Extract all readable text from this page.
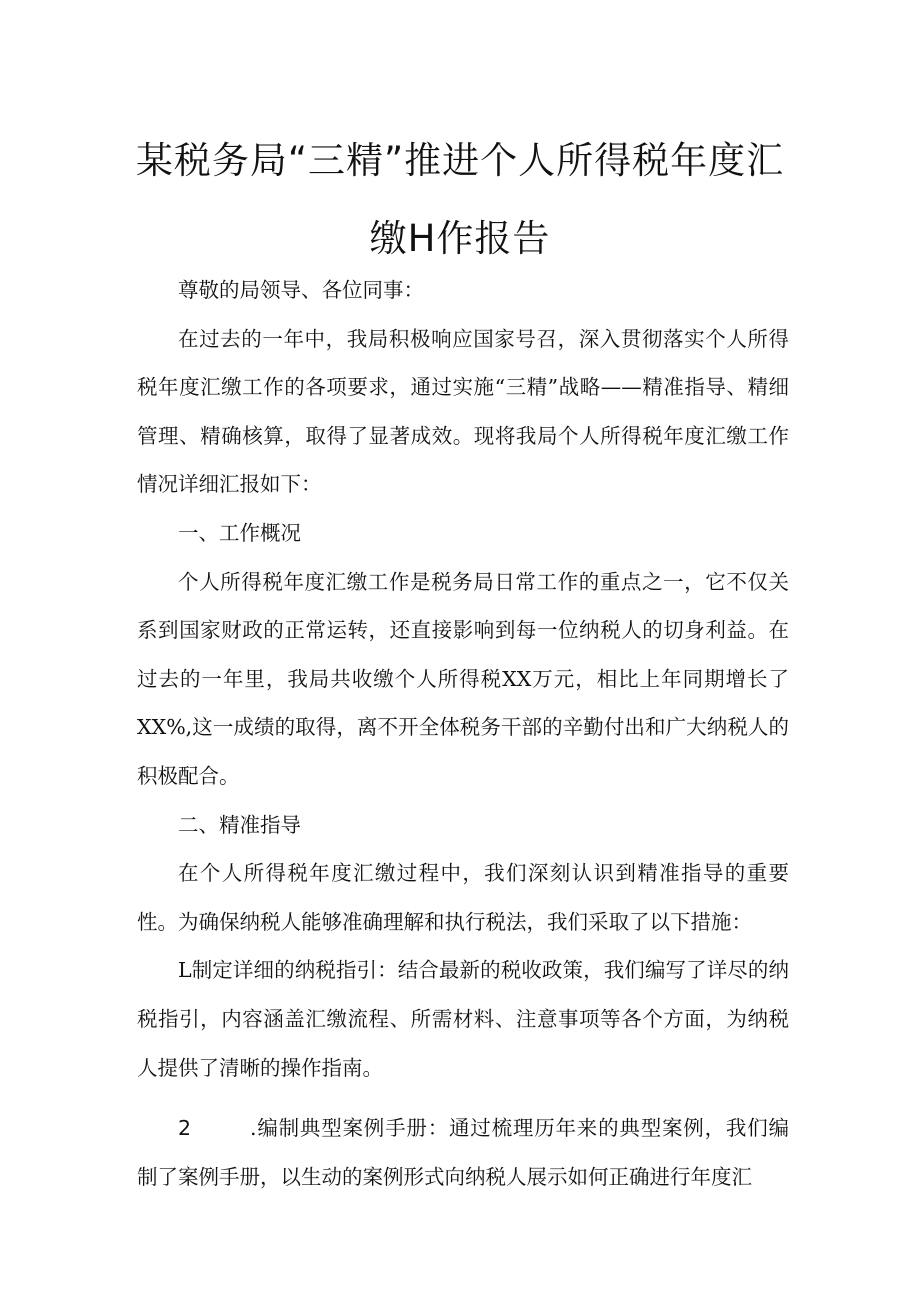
某税务局“三精”推进个人所得税年度汇
缴H作报告

尊敬的局领导、各位同事：

在过去的一年中，我局积极响应国家号召，深入贯彻落实个人所得税年度汇缴工作的各项要求，通过实施“三精”战略——精准指导、精细管理、精确核算，取得了显著成效。现将我局个人所得税年度汇缴工作情况详细汇报如下：

一、工作概况

个人所得税年度汇缴工作是税务局日常工作的重点之一，它不仅关系到国家财政的正常运转，还直接影响到每一位纳税人的切身利益。在过去的一年里，我局共收缴个人所得税XX万元，相比上年同期增长了XX%,这一成绩的取得，离不开全体税务干部的辛勤付出和广大纳税人的积极配合。

二、精准指导

在个人所得税年度汇缴过程中，我们深刻认识到精准指导的重要性。为确保纳税人能够准确理解和执行税法，我们采取了以下措施：

L制定详细的纳税指引：结合最新的税收政策，我们编写了详尽的纳税指引，内容涵盖汇缴流程、所需材料、注意事项等各个方面，为纳税人提供了清晰的操作指南。

2	.编制典型案例手册：通过梳理历年来的典型案例，我们编制了案例手册，以生动的案例形式向纳税人展示如何正确进行年度汇
